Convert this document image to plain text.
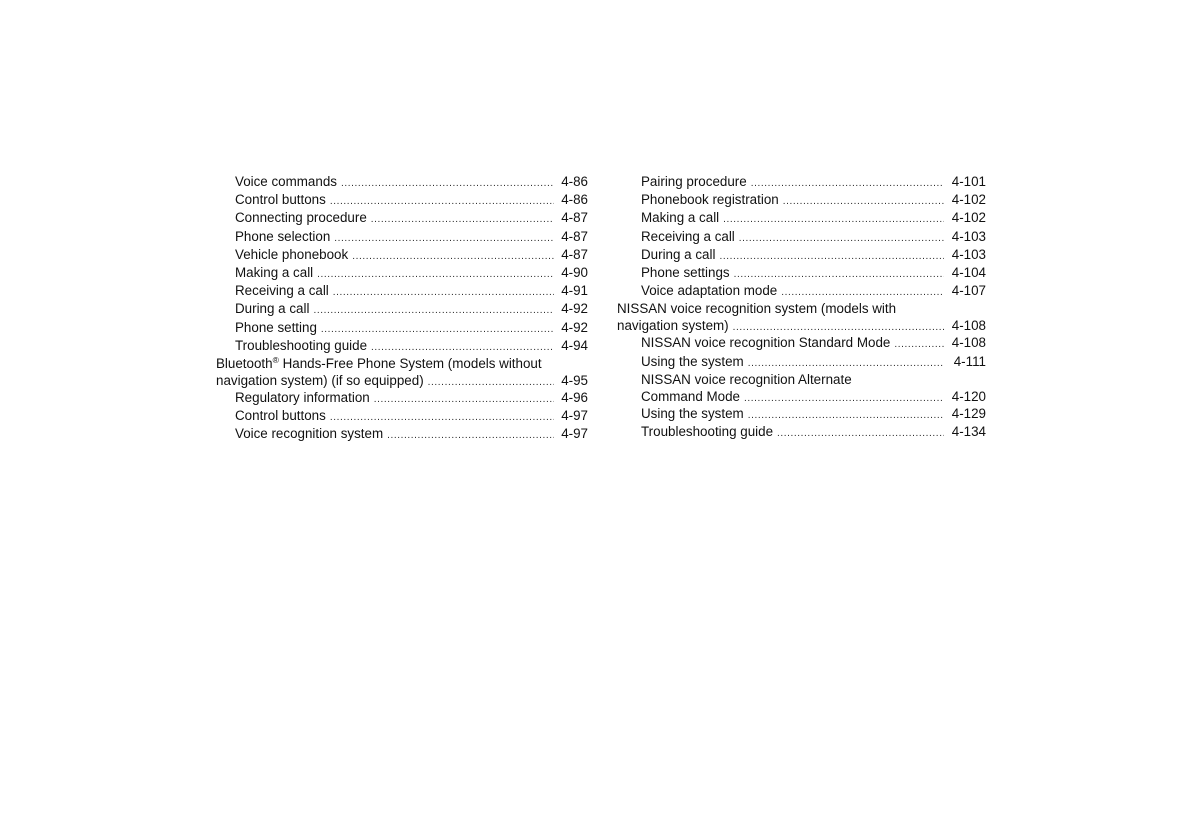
Voice commands .....	4-86
Control buttons .....	4-86
Connecting procedure .....	4-87
Phone selection .....	4-87
Vehicle phonebook .....	4-87
Making a call .....	4-90
Receiving a call .....	4-91
During a call .....	4-92
Phone setting .....	4-92
Troubleshooting guide .....	4-94
Bluetooth® Hands-Free Phone System (models without
navigation system) (if so equipped) .....	4-95
Regulatory information .....	4-96
Control buttons .....	4-97
Voice recognition system .....	4-97
Pairing procedure .....	4-101
Phonebook registration .....	4-102
Making a call .....	4-102
Receiving a call .....	4-103
During a call .....	4-103
Phone settings .....	4-104
Voice adaptation mode .....	4-107
NISSAN voice recognition system (models with
navigation system) .....	4-108
NISSAN voice recognition Standard Mode .....	4-108
Using the system .....	4-111
NISSAN voice recognition Alternate
Command Mode .....	4-120
Using the system .....	4-129
Troubleshooting guide .....	4-134
